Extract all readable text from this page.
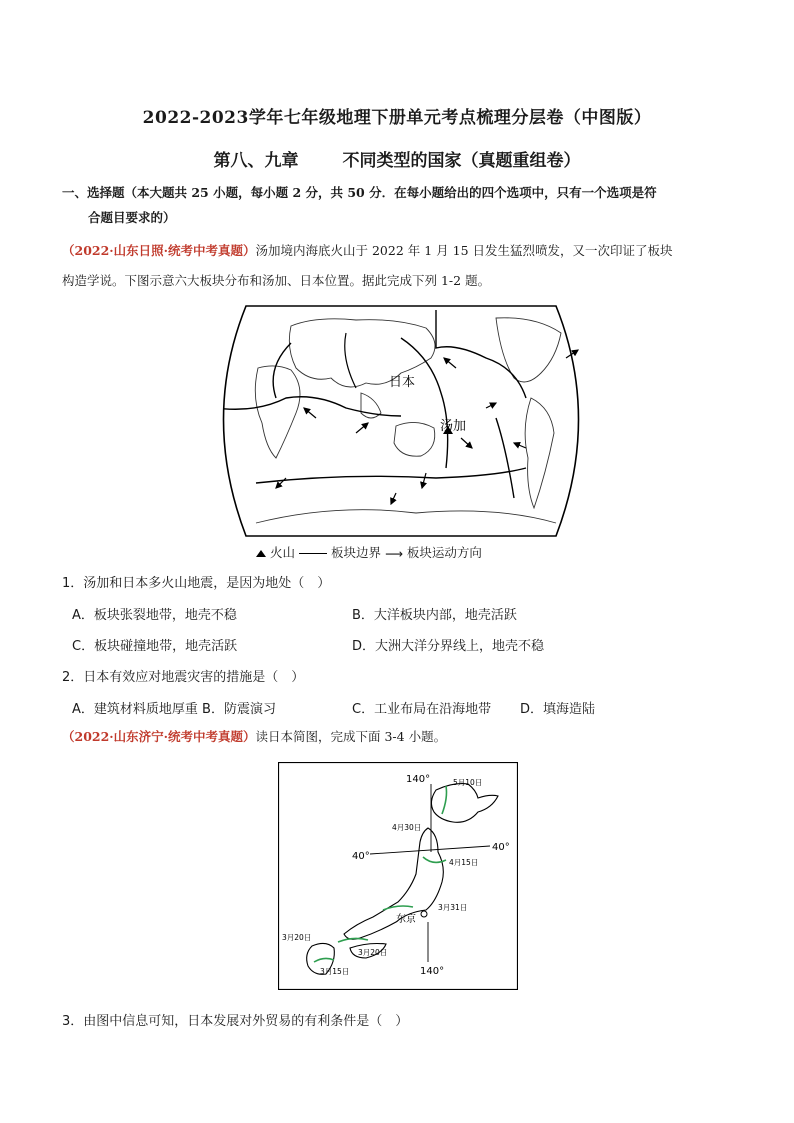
2022-2023学年七年级地理下册单元考点梳理分层卷（中图版）
第八、九章	不同类型的国家（真题重组卷）
一、选择题（本大题共 25 小题，每小题 2 分，共 50 分．在每小题给出的四个选项中，只有一个选项是符
合题目要求的）
（2022·山东日照·统考中考真题）汤加境内海底火山于 2022 年 1 月 15 日发生猛烈喷发，又一次印证了板块
构造学说。下图示意六大板块分布和汤加、日本位置。据此完成下列 1-2 题。
日本
汤加
火山	板块边界 ⟶ 板块运动方向
1．汤加和日本多火山地震，是因为地处（　）
A．板块张裂地带，地壳不稳	B．大洋板块内部，地壳活跃
C．板块碰撞地带，地壳活跃	D．大洲大洋分界线上，地壳不稳
2．日本有效应对地震灾害的措施是（　）
A．建筑材料质地厚重 B．防震演习	C．工业布局在沿海地带 D．填海造陆
（2022·山东济宁·统考中考真题）读日本简图，完成下面 3-4 小题。
140°
140°
40°
40°
东京
5月10日
4月30日
4月15日
3月31日
3月20日
3月20日
3月15日
3．由图中信息可知，日本发展对外贸易的有利条件是（　）
